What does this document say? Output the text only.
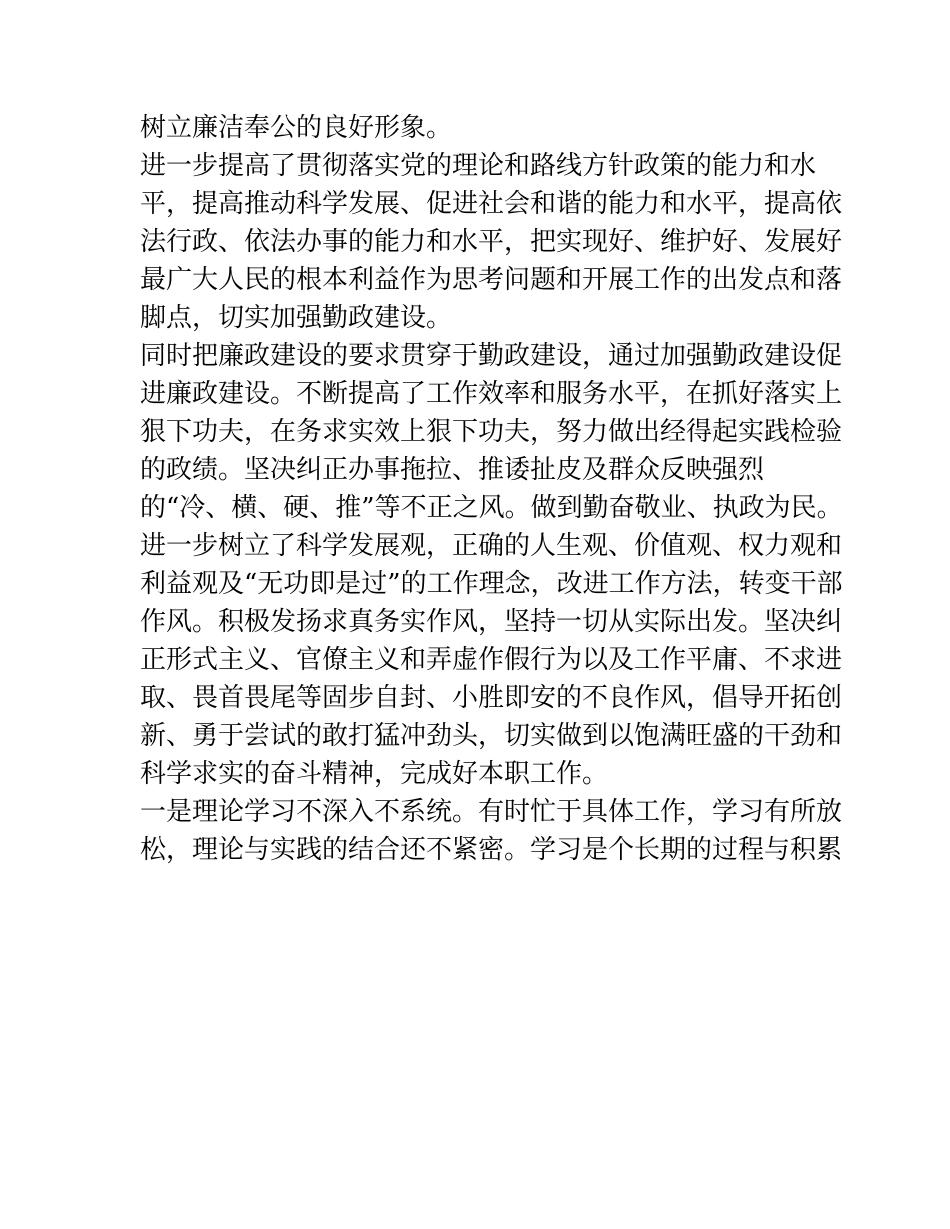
树立廉洁奉公的良好形象。

进一步提高了贯彻落实党的理论和路线方针政策的能力和水

平，提高推动科学发展、促进社会和谐的能力和水平，提高依

法行政、依法办事的能力和水平，把实现好、维护好、发展好

最广大人民的根本利益作为思考问题和开展工作的出发点和落

脚点，切实加强勤政建设。

同时把廉政建设的要求贯穿于勤政建设，通过加强勤政建设促

进廉政建设。不断提高了工作效率和服务水平，在抓好落实上

狠下功夫，在务求实效上狠下功夫，努力做出经得起实践检验

的政绩。坚决纠正办事拖拉、推诿扯皮及群众反映强烈

的“冷、横、硬、推”等不正之风。做到勤奋敬业、执政为民。

进一步树立了科学发展观，正确的人生观、价值观、权力观和

利益观及“无功即是过”的工作理念，改进工作方法，转变干部

作风。积极发扬求真务实作风，坚持一切从实际出发。坚决纠

正形式主义、官僚主义和弄虚作假行为以及工作平庸、不求进

取、畏首畏尾等固步自封、小胜即安的不良作风，倡导开拓创

新、勇于尝试的敢打猛冲劲头，切实做到以饱满旺盛的干劲和

科学求实的奋斗精神，完成好本职工作。

一是理论学习不深入不系统。有时忙于具体工作，学习有所放

松，理论与实践的结合还不紧密。学习是个长期的过程与积累
